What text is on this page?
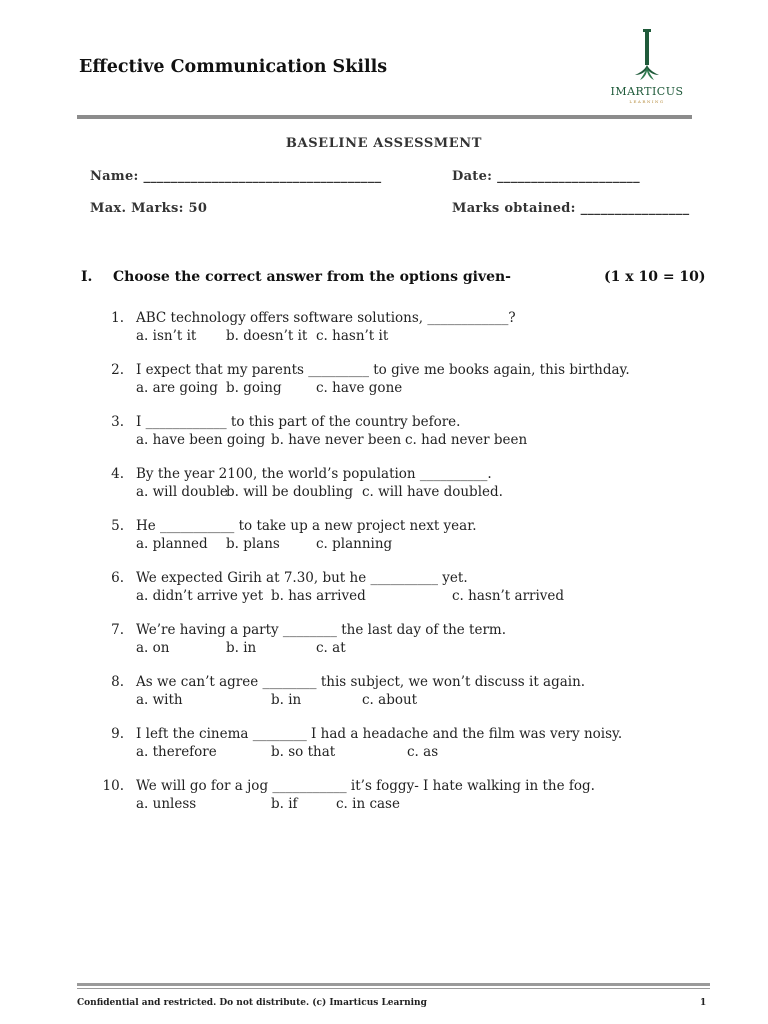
Effective Communication Skills
IMARTICUS
LEARNING
BASELINE ASSESSMENT
Name: ___________________________________	Date: _____________________
Max. Marks: 50	Marks obtained: ________________
I. Choose the correct answer from the options given-	(1 x 10 = 10)
1. ABC technology offers software solutions, ____________?
a. isn’t it b. doesn’t it c. hasn’t it
2. I expect that my parents _________ to give me books again, this birthday.
a. are going b. going	c. have gone
3. I ____________ to this part of the country before.
a. have been going b. have never been c. had never been
4. By the year 2100, the world’s population __________.
a. will double
b. will be doubling c. will have doubled.
5. He ___________ to take up a new project next year.
a. planned b. plans	c. planning
6. We expected Girih at 7.30, but he __________ yet.
a. didn’t arrive yet b. has arrived	c. hasn’t arrived
7. We’re having a party ________ the last day of the term.
a. on	b. in	c. at
8. As we can’t agree ________ this subject, we won’t discuss it again.
a. with	b. in	c. about
9. I left the cinema ________ I had a headache and the film was very noisy.
a. therefore	b. so that	c. as
10. We will go for a jog ___________ it’s foggy- I hate walking in the fog.
a. unless	b. if	c. in case
Confidential and restricted. Do not distribute. (c) Imarticus Learning	1
